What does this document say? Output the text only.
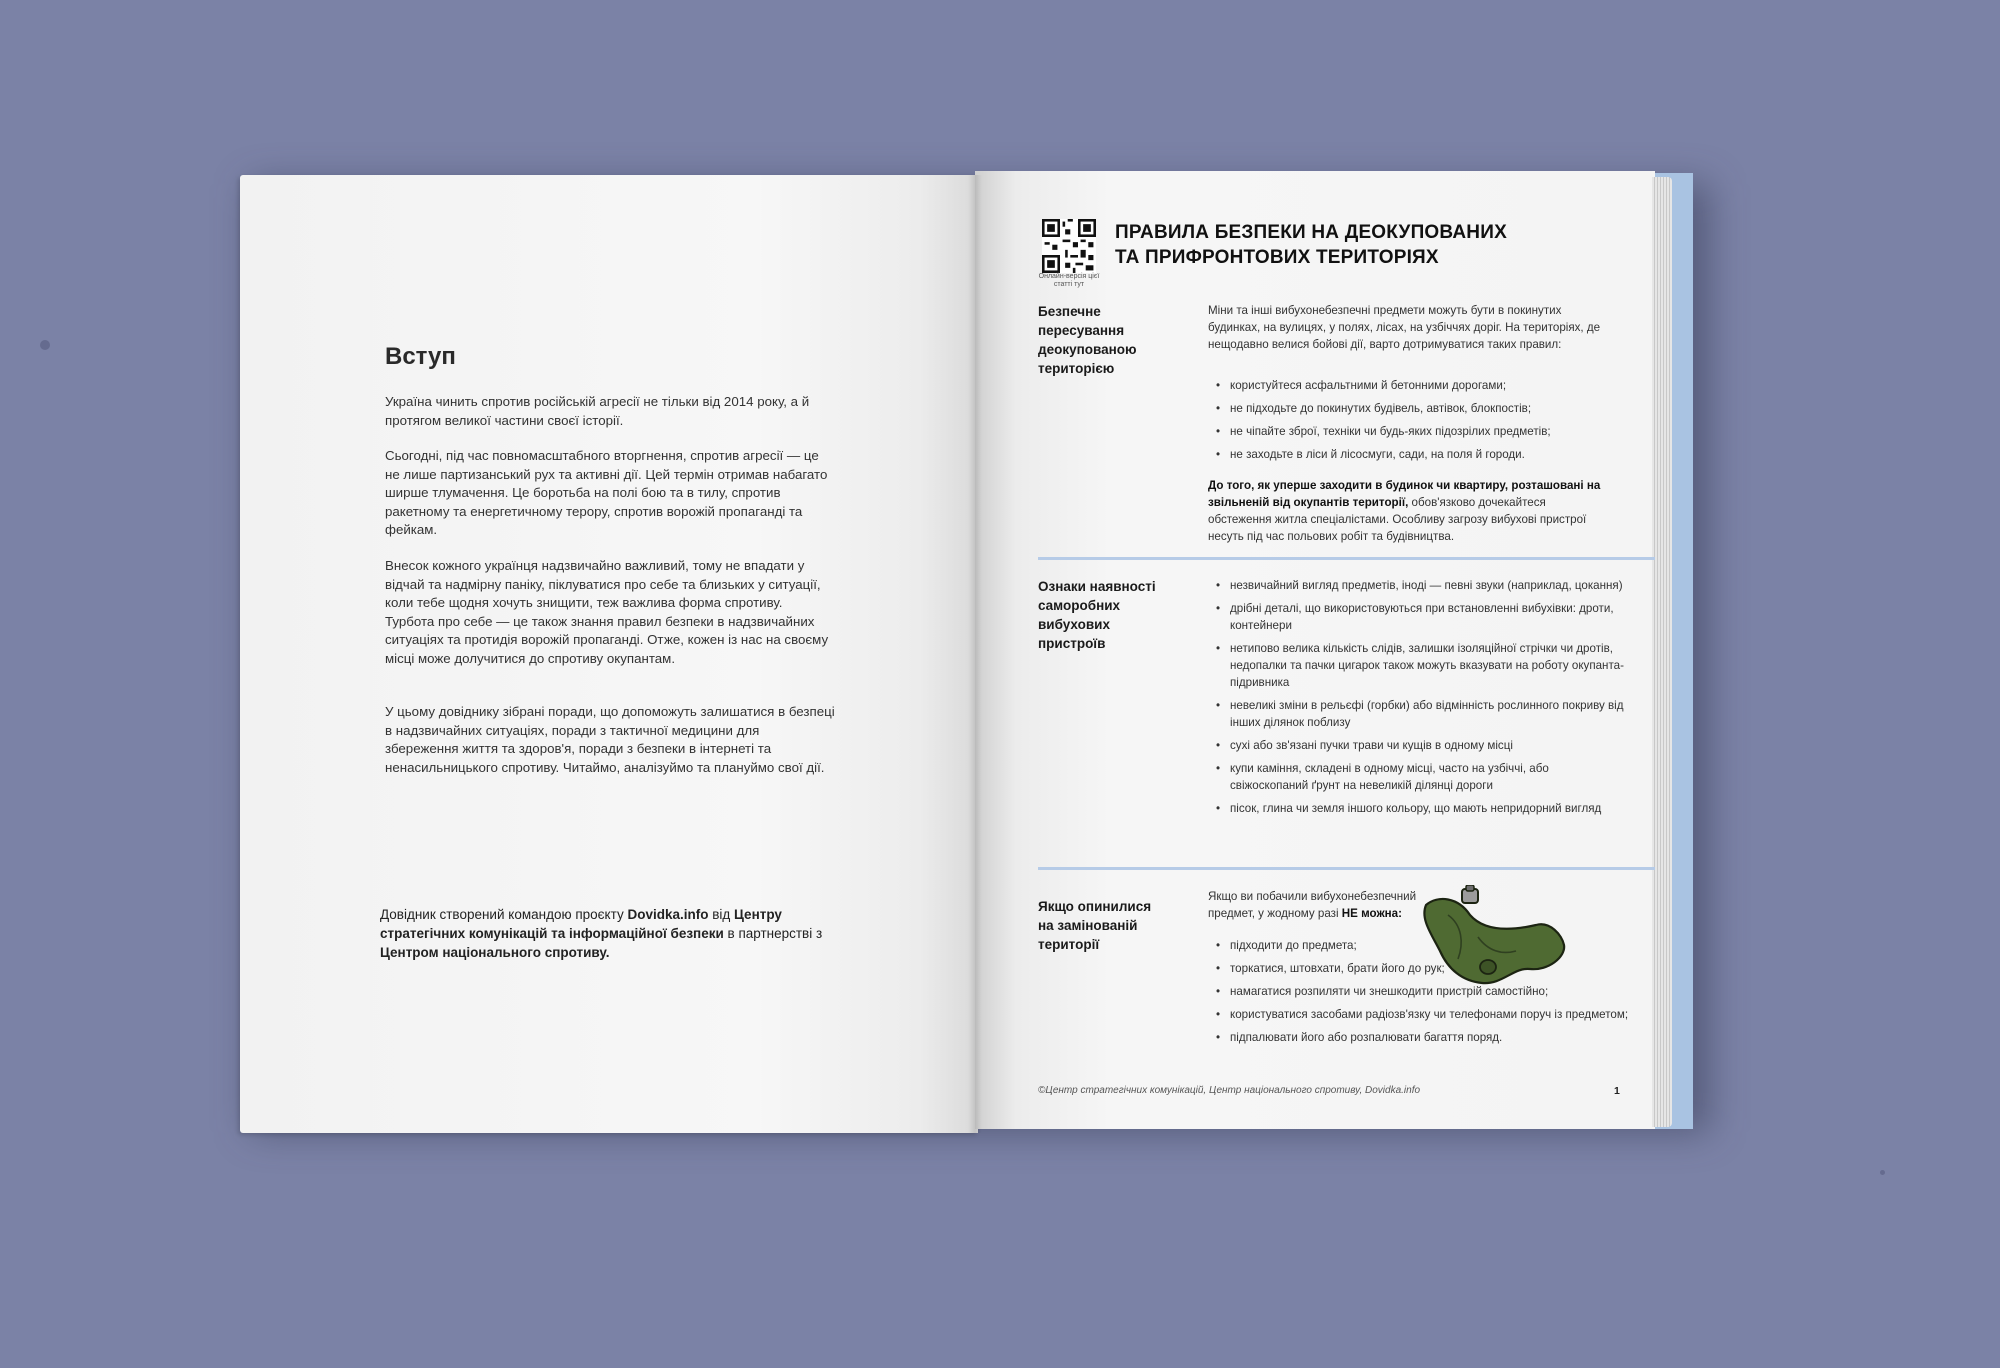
Вступ
Україна чинить спротив російській агресії не тільки від 2014 року, а й протягом великої частини своєї історії.
Сьогодні, під час повномасштабного вторгнення, спротив агресії — це не лише партизанський рух та активні дії. Цей термін отримав набагато ширше тлумачення. Це боротьба на полі бою та в тилу, спротив ракетному та енергетичному терору, спротив ворожій пропаганді та фейкам.
Внесок кожного українця надзвичайно важливий, тому не впадати у відчай та надмірну паніку, піклуватися про себе та близьких у ситуації, коли тебе щодня хочуть знищити, теж важлива форма спротиву. Турбота про себе — це також знання правил безпеки в надзвичайних ситуаціях та протидія ворожій пропаганді. Отже, кожен із нас на своєму місці може долучитися до спротиву окупантам.
У цьому довіднику зібрані поради, що допоможуть залишатися в безпеці в надзвичайних ситуаціях, поради з тактичної медицини для збереження життя та здоров'я, поради з безпеки в інтернеті та ненасильницького спротиву. Читаймо, аналізуймо та плануймо свої дії.
Довідник створений командою проєкту Dovidka.info від Центру стратегічних комунікацій та інформаційної безпеки в партнерстві з Центром національного спротиву.
Онлайн-версія цієї статті тут
ПРАВИЛА БЕЗПЕКИ НА ДЕОКУПОВАНИХ ТА ПРИФРОНТОВИХ ТЕРИТОРІЯХ
Безпечне пересування деокупованою територією
Міни та інші вибухонебезпечні предмети можуть бути в покинутих будинках, на вулицях, у полях, лісах, на узбіччях доріг. На територіях, де нещодавно велися бойові дії, варто дотримуватися таких правил:
• користуйтеся асфальтними й бетонними дорогами;
• не підходьте до покинутих будівель, автівок, блокпостів;
• не чіпайте зброї, техніки чи будь-яких підозрілих предметів;
• не заходьте в ліси й лісосмуги, сади, на поля й городи.
До того, як уперше заходити в будинок чи квартиру, розташовані на звільненій від окупантів території, обов'язково дочекайтеся обстеження житла спеціалістами. Особливу загрозу вибухові пристрої несуть під час польових робіт та будівництва.
Ознаки наявності саморобних вибухових пристроїв
• незвичайний вигляд предметів, іноді — певні звуки (наприклад, цокання)
• дрібні деталі, що використовуються при встановленні вибухівки: дроти, контейнери
• нетипово велика кількість слідів, залишки ізоляційної стрічки чи дротів, недопалки та пачки цигарок також можуть вказувати на роботу окупанта-підривника
• невеликі зміни в рельєфі (горбки) або відмінність рослинного покриву від інших ділянок поблизу
• сухі або зв'язані пучки трави чи кущів в одному місці
• купи каміння, складені в одному місці, часто на узбіччі, або свіжоскопаний ґрунт на невеликій ділянці дороги
• пісок, глина чи земля іншого кольору, що мають непридорний вигляд
Якщо опинилися на замінованій території
Якщо ви побачили вибухонебезпечний предмет, у жодному разі НЕ можна:
• підходити до предмета;
• торкатися, штовхати, брати його до рук;
• намагатися розпиляти чи знешкодити пристрій самостійно;
• користуватися засобами радіозв'язку чи телефонами поруч із предметом;
• підпалювати його або розпалювати багаття поряд.
©Центр стратегічних комунікацій, Центр національного спротиву, Dovidka.info	1
